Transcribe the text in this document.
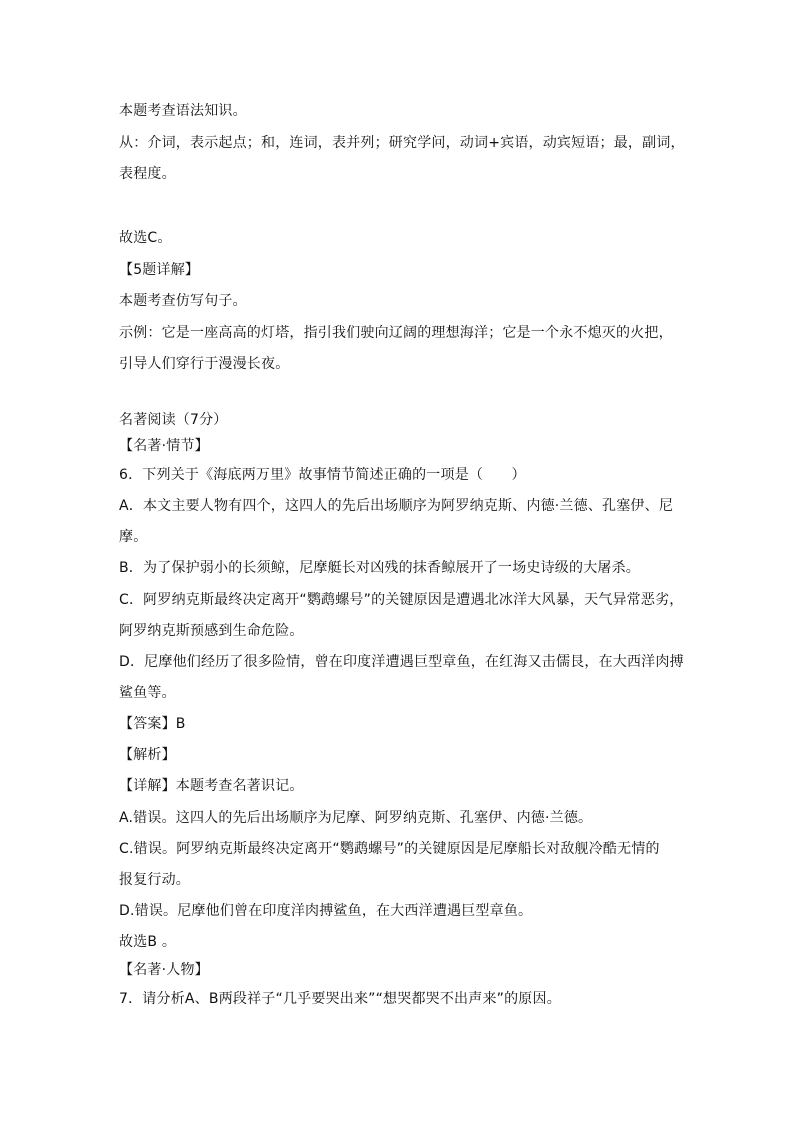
本题考查语法知识。

从：介词，表示起点；和，连词，表并列；研究学问，动词+宾语，动宾短语；最，副词，

表程度。

故选C。

【5题详解】

本题考查仿写句子。

示例：它是一座高高的灯塔，指引我们驶向辽阔的理想海洋；它是一个永不熄灭的火把，

引导人们穿行于漫漫长夜。

名著阅读（7分）

【名著·情节】

6．下列关于《海底两万里》故事情节简述正确的一项是（　　）

A．本文主要人物有四个，这四人的先后出场顺序为阿罗纳克斯、内德·兰德、孔塞伊、尼

摩。

B．为了保护弱小的长须鲸，尼摩艇长对凶残的抹香鲸展开了一场史诗级的大屠杀。

C．阿罗纳克斯最终决定离开“鹦鹉螺号”的关键原因是遭遇北冰洋大风暴，天气异常恶劣，

阿罗纳克斯预感到生命危险。

D．尼摩他们经历了很多险情，曾在印度洋遭遇巨型章鱼，在红海又击儒艮，在大西洋肉搏

鲨鱼等。

【答案】B

【解析】

【详解】本题考查名著识记。

A.错误。这四人的先后出场顺序为尼摩、阿罗纳克斯、孔塞伊、内德·兰德。

C.错误。阿罗纳克斯最终决定离开“鹦鹉螺号”的关键原因是尼摩船长对敌舰冷酷无情的

报复行动。

D.错误。尼摩他们曾在印度洋肉搏鲨鱼，在大西洋遭遇巨型章鱼。

故选B 。

【名著·人物】

7．请分析A、B两段祥子“几乎要哭出来”“想哭都哭不出声来”的原因。
